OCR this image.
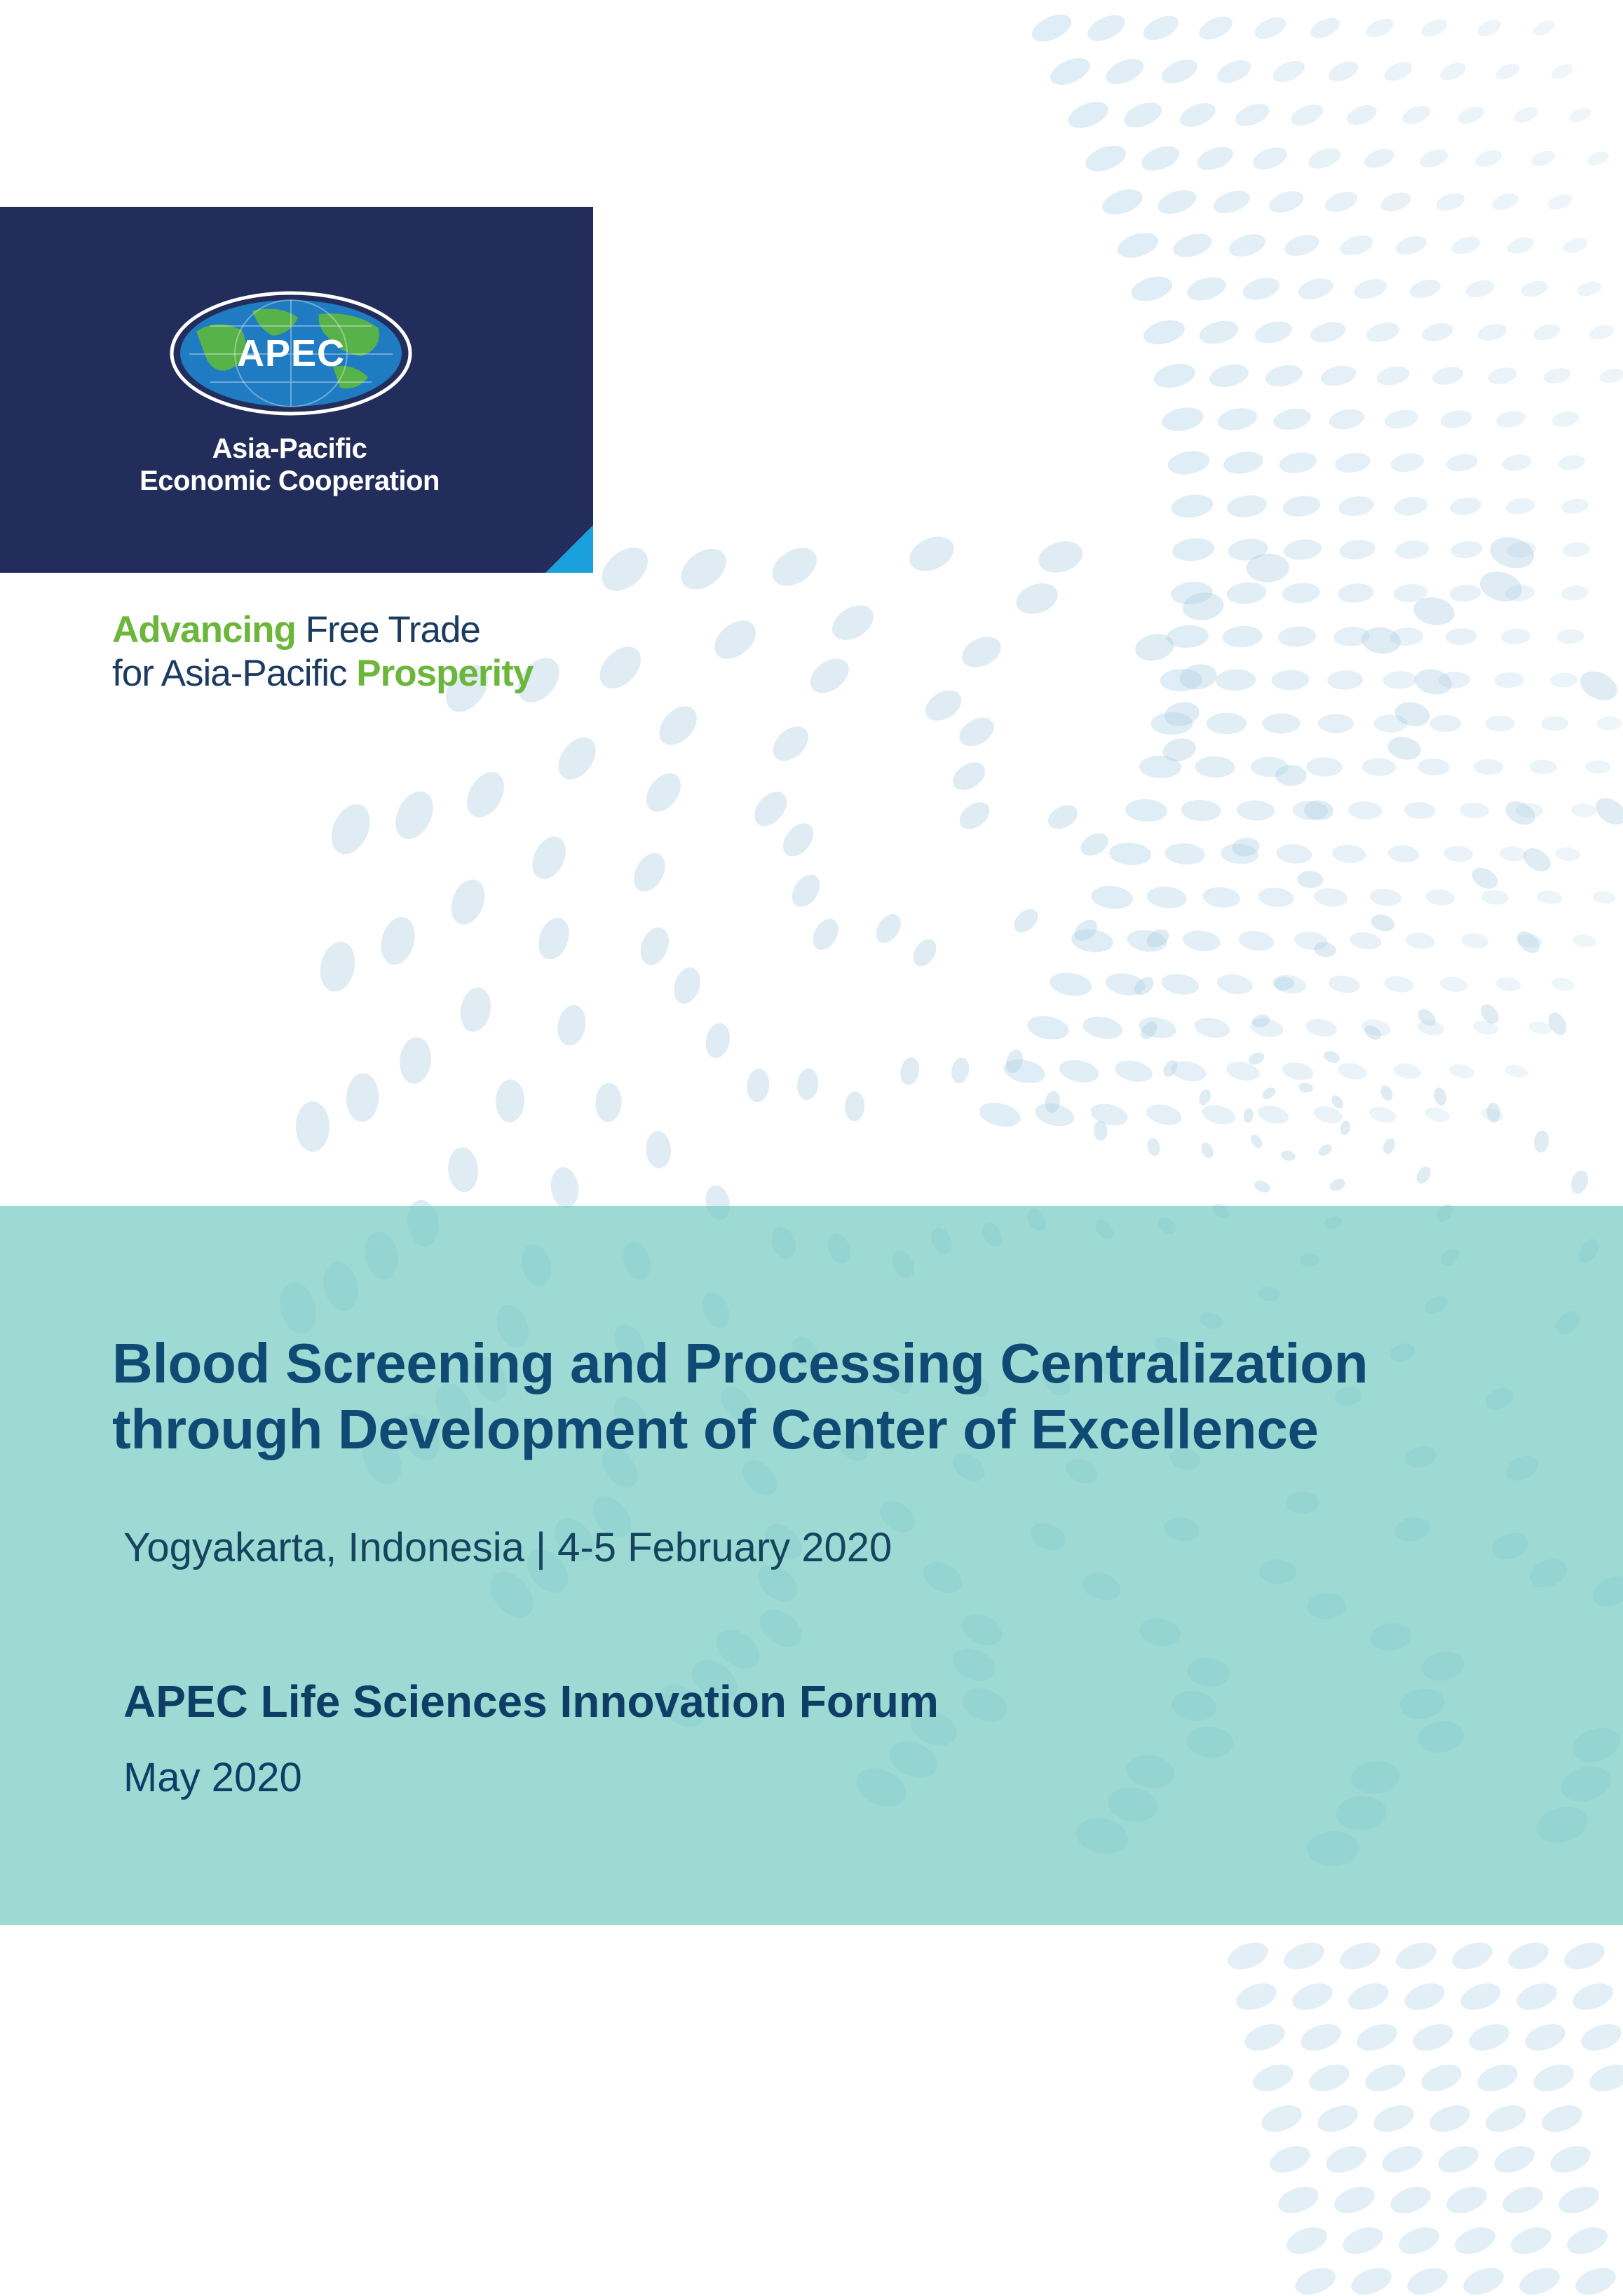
APEC
Asia-Pacific
Economic Cooperation
Advancing Free Trade
for Asia-Pacific Prosperity
Blood Screening and Processing Centralization
through Development of Center of Excellence
Yogyakarta, Indonesia | 4-5 February 2020
APEC Life Sciences Innovation Forum
May 2020
